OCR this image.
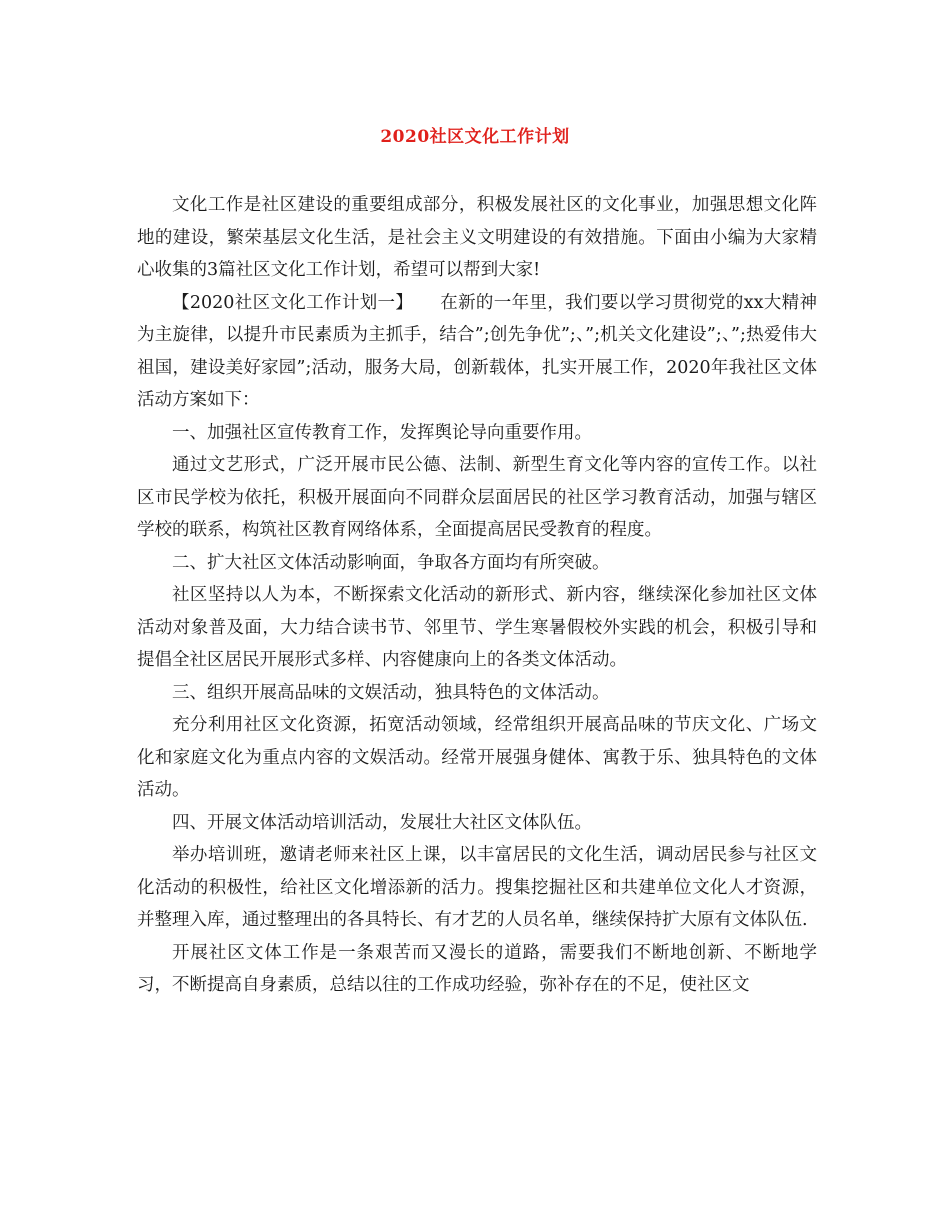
2020社区文化工作计划

文化工作是社区建设的重要组成部分，积极发展社区的文化事业，加强思想文化阵地的建设，繁荣基层文化生活，是社会主义文明建设的有效措施。下面由小编为大家精心收集的3篇社区文化工作计划，希望可以帮到大家!

【2020社区文化工作计划一】　　在新的一年里，我们要以学习贯彻党的xx大精神为主旋律，以提升市民素质为主抓手，结合”;创先争优”;、”;机关文化建设”;、”;热爱伟大祖国，建设美好家园”;活动，服务大局，创新载体，扎实开展工作，2020年我社区文体活动方案如下：

一、加强社区宣传教育工作，发挥舆论导向重要作用。

通过文艺形式，广泛开展市民公德、法制、新型生育文化等内容的宣传工作。以社区市民学校为依托，积极开展面向不同群众层面居民的社区学习教育活动，加强与辖区学校的联系，构筑社区教育网络体系，全面提高居民受教育的程度。

二、扩大社区文体活动影响面，争取各方面均有所突破。

社区坚持以人为本，不断探索文化活动的新形式、新内容，继续深化参加社区文体活动对象普及面，大力结合读书节、邻里节、学生寒暑假校外实践的机会，积极引导和提倡全社区居民开展形式多样、内容健康向上的各类文体活动。

三、组织开展高品味的文娱活动，独具特色的文体活动。

充分利用社区文化资源，拓宽活动领域，经常组织开展高品味的节庆文化、广场文化和家庭文化为重点内容的文娱活动。经常开展强身健体、寓教于乐、独具特色的文体活动。

四、开展文体活动培训活动，发展壮大社区文体队伍。

举办培训班，邀请老师来社区上课，以丰富居民的文化生活，调动居民参与社区文化活动的积极性，给社区文化增添新的活力。搜集挖掘社区和共建单位文化人才资源，并整理入库，通过整理出的各具特长、有才艺的人员名单，继续保持扩大原有文体队伍.

开展社区文体工作是一条艰苦而又漫长的道路，需要我们不断地创新、不断地学习，不断提高自身素质，总结以往的工作成功经验，弥补存在的不足，使社区文
